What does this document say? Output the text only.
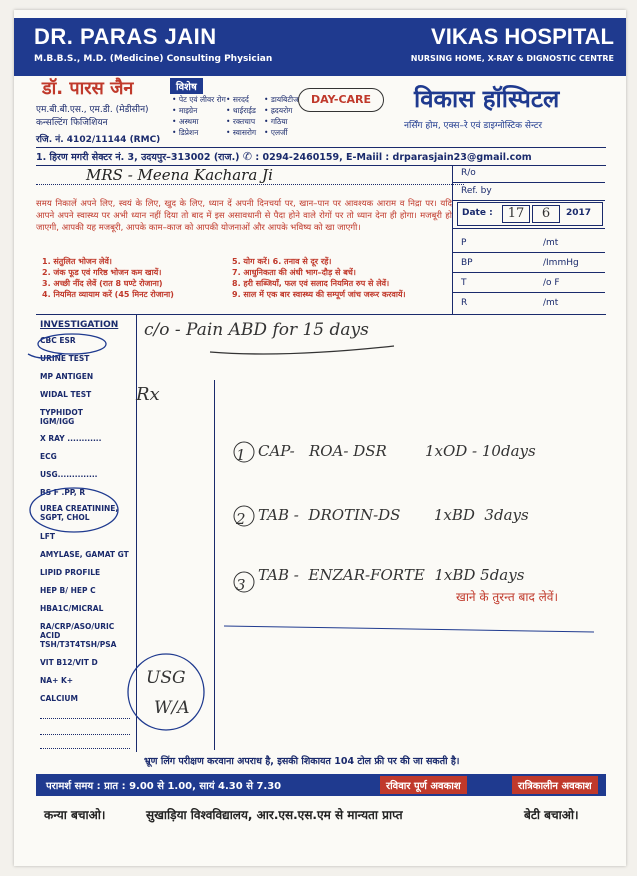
DR. PARAS JAIN
M.B.B.S., M.D. (Medicine) Consulting Physician
VIKAS HOSPITAL
NURSING HOME, X-RAY & DIGNOSTIC CENTRE
डॉ. पारस जैन	विशेष
एम.बी.बी.एस., एम.डी. (मेडीसीन)
कन्सल्टिंग फिजिशियन
रजि. नं. 4102/11144 (RMC)
• पेट एवं लीवर रोग
• माइग्रेन
• अस्थमा
• डिप्रेशन
• सरदर्द
• थाईराईड
• रक्तचाप
• स्वासरोग
• डायबिटीज
• ह्रदयरोग
• गठिया
• एलर्जी
DAY-CARE	विकास हॉस्पिटल
नर्सिंग होम, एक्स–रे एवं डाइग्नोस्टिक सेन्टर
1. हिरण मगरी सेक्टर नं. 3, उदयपुर–313002 (राज.) ✆ : 0294-2460159, E-Maiil : drparasjain23@gmail.com
MRS - Meena Kachara Ji	R/o
Ref. by
Date :	17	6	2017
P	/mt
BP	/ImmHg
T	/o F
R	/mt
समय निकालें अपने लिए, स्वयं के लिए, खुद के लिए, ध्यान दें अपनी दिनचर्या पर, खान–पान पर आवश्यक आराम व निद्रा पर। यदि आपने अपने स्वास्थ्य पर अभी ध्यान नहीं दिया तो बाद में इस असावधानी से पैदा होने वाले रोगों पर तो ध्यान देना ही होगा। मजबूरी हो जाएगी, आपकी यह मजबूरी, आपके काम–काज को आपकी योजनाओं और आपके भविष्य को खा जाएगी।
1. संतुलित भोजन लेवें।
2. जंक फूड एवं गरिष्ठ भोजन कम खायें।
3. अच्छी नींद लेवें (रात 8 घण्टे रोजाना)
4. नियमित व्यायाम करें (45 मिनट रोजाना)
5. योग करें। 6. तनाव से दूर रहें।
7. आधुनिकता की अंधी भाग–दौड़ से बचें।
8. हरी सब्जियाँ, फल एवं सलाद नियमित रुप से लेवें।
9. साल में एक बार स्वास्थ्य की सम्पूर्ण जांच जरूर करवायें।
INVESTIGATION
CBC ESR
URINE TEST
MP ANTIGEN
WIDAL TEST
TYPHIDOT IGM/IGG
X RAY ............
ECG
USG..............
BS F .PP, R
UREA CREATININE, SGPT, CHOL
LFT
AMYLASE, GAMAT GT
LIPID PROFILE
HEP B/ HEP C
HBA1C/MICRAL
RA/CRP/ASO/URIC ACID
TSH/T3T4TSH/PSA
VIT B12/VIT D
NA+ K+
CALCIUM
c/o - Pain ABD for 15 days
Rx
1 CAP-   ROA- DSR        1xOD - 10days
2 TAB -  DROTIN-DS       1xBD  3days
3
TAB -  ENZAR-FORTE  1xBD 5days
खाने के तुरन्त बाद लेवें।
USG
W/A
भ्रूण लिंग परीक्षण करवाना अपराध है, इसकी शिकायत 104 टोल फ्री पर की जा सकती है।
परामर्श समय : प्रात : 9.00 से 1.00, सायं 4.30 से 7.30	रविवार पूर्ण अवकाश	रात्रिकालीन अवकाश
कन्या बचाओ।	सुखाड़िया विश्वविद्यालय, आर.एस.एस.एम से मान्यता प्राप्त	बेटी बचाओ।
